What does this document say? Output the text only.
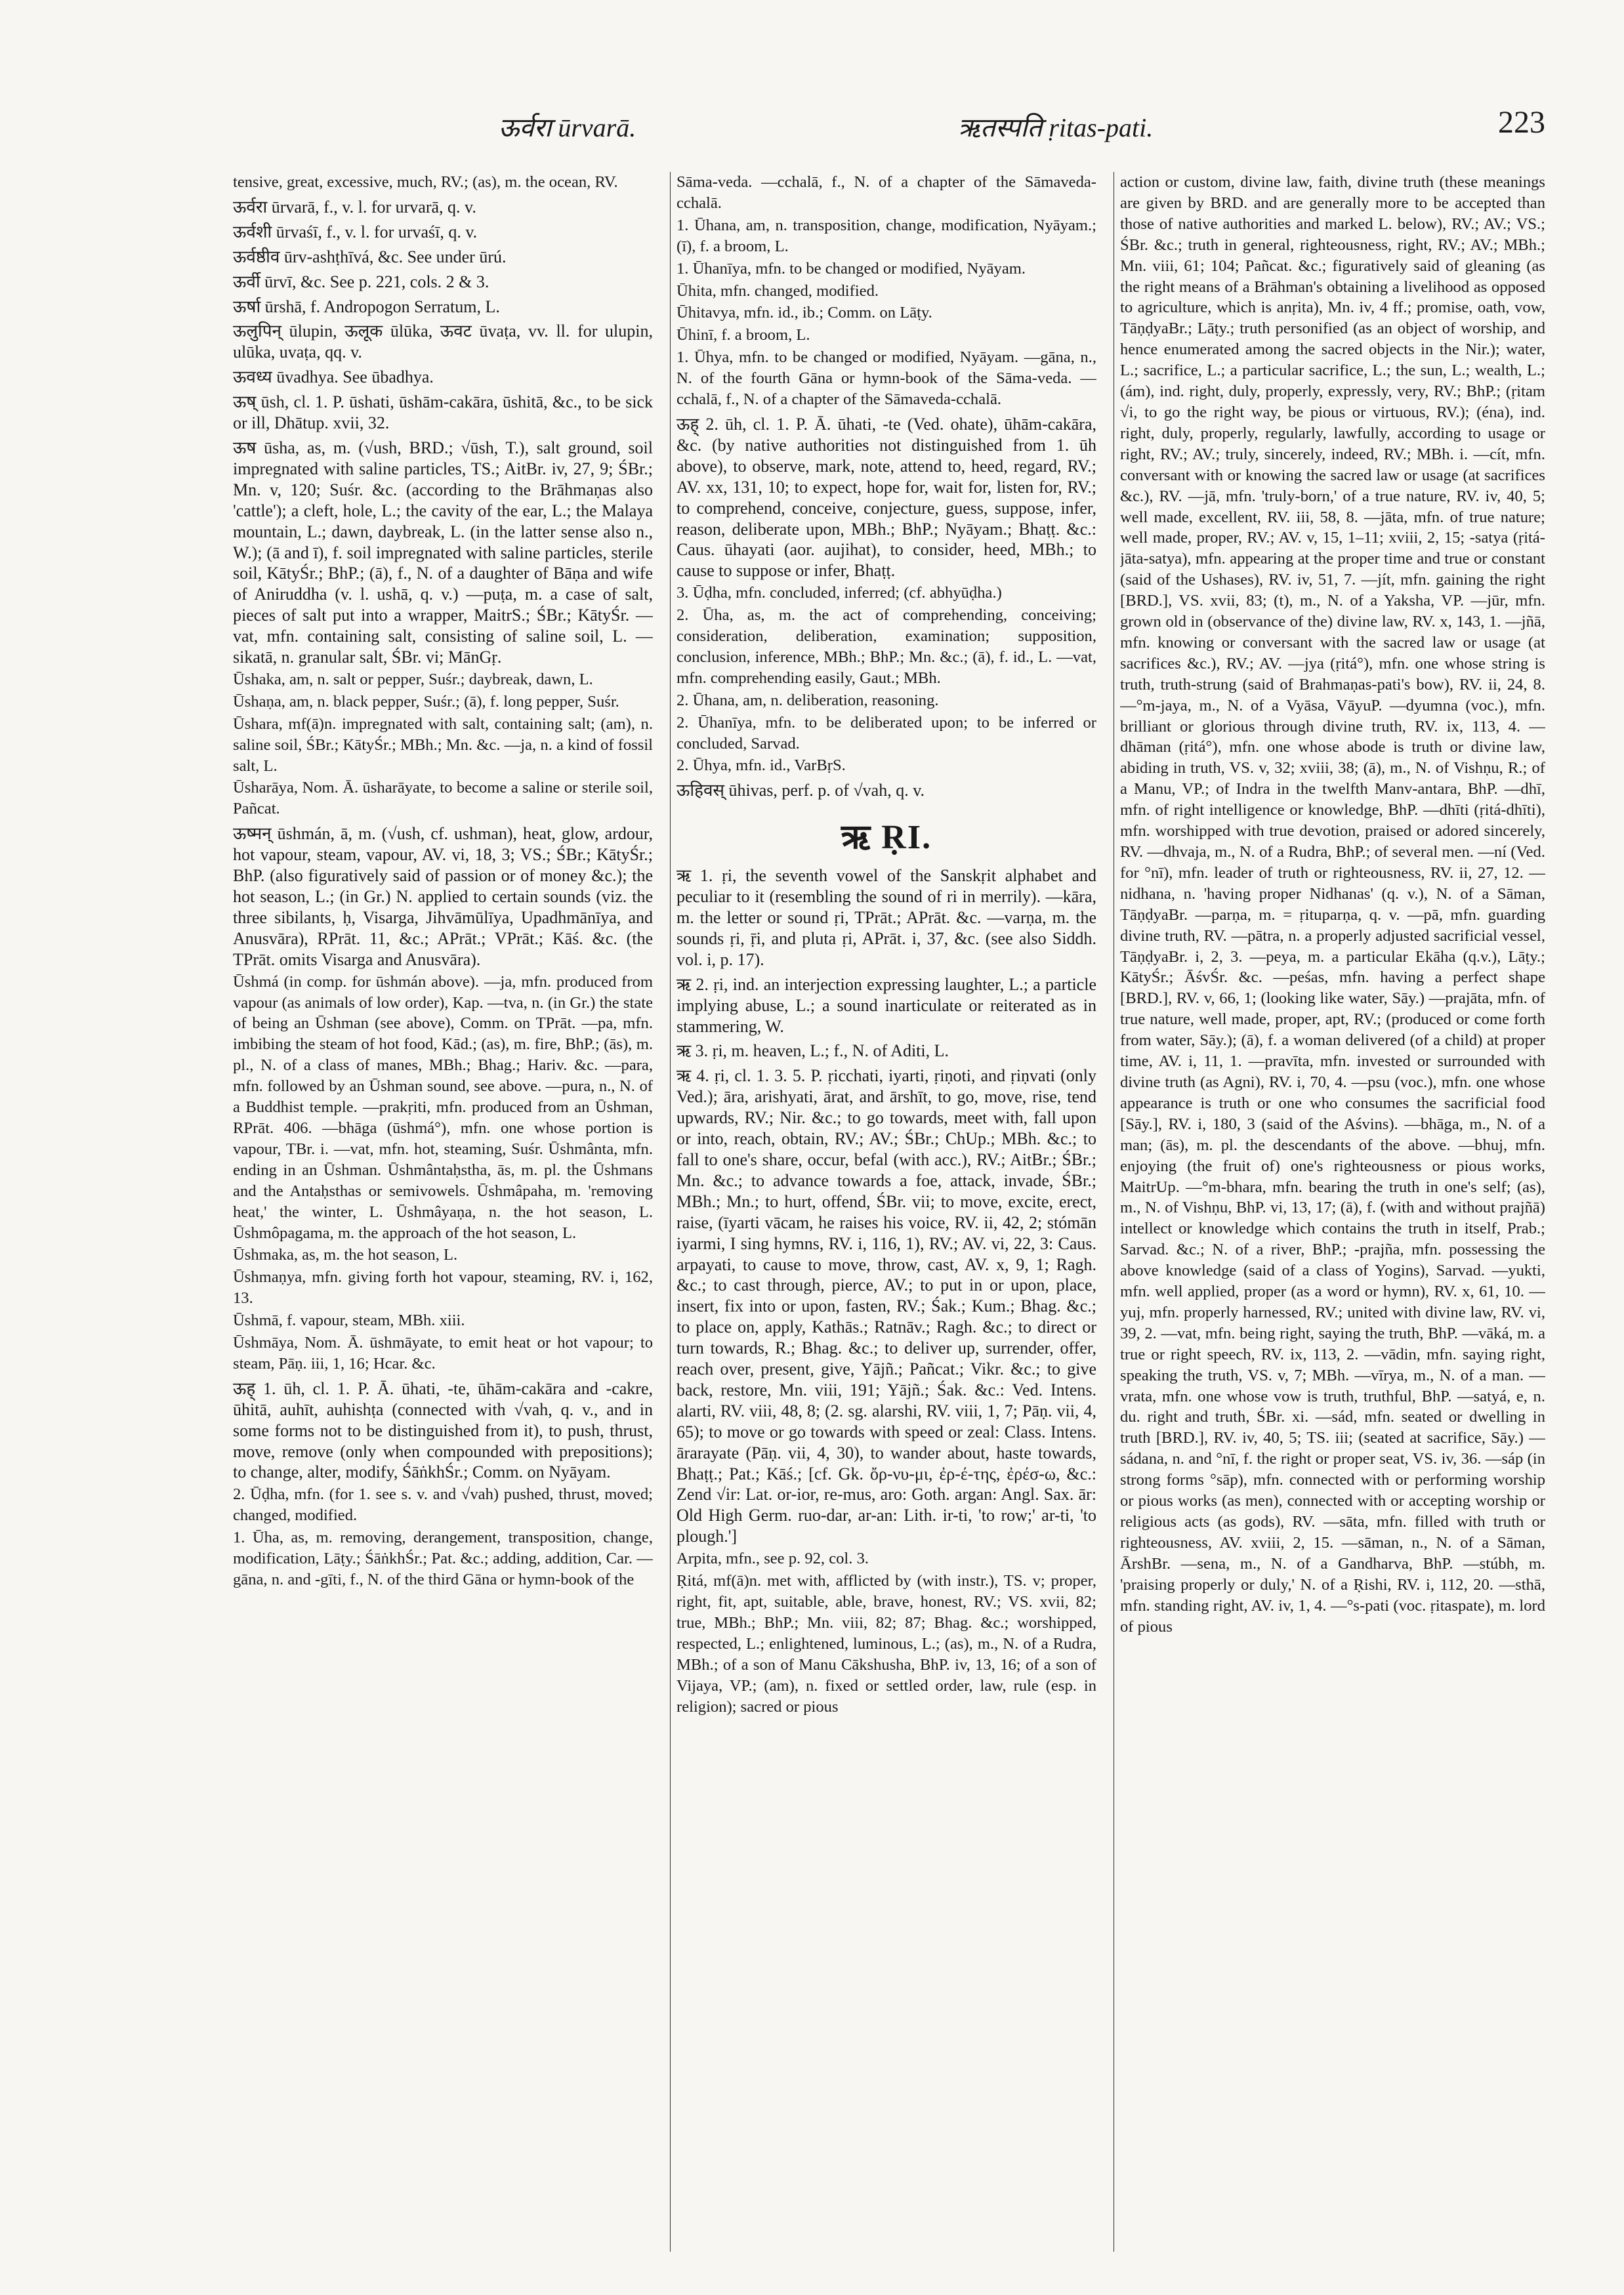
ऊर्वरा ūrvarā.	ऋतस्पति ṛitas-pati.	223

tensive, great, excessive, much, RV.; (as), m. the ocean, RV.

ऊर्वरा ūrvarā, f., v. l. for urvarā, q. v.

ऊर्वशी ūrvaśī, f., v. l. for urvaśī, q. v.

ऊर्वष्ठीव ūrv-ashṭhīvá, &c. See under ūrú.

ऊर्वी ūrvī, &c. See p. 221, cols. 2 & 3.

ऊर्षा ūrshā, f. Andropogon Serratum, L.

ऊलुपिन् ūlupin, ऊलूक ūlūka, ऊवट ūvaṭa, vv. ll. for ulupin, ulūka, uvaṭa, qq. v.

ऊवध्य ūvadhya. See ūbadhya.

ऊष् ūsh, cl. 1. P. ūshati, ūshām-cakāra, ūshitā, &c., to be sick or ill, Dhātup. xvii, 32.

ऊष ūsha, as, m. (√ush, BRD.; √ūsh, T.), salt ground, soil impregnated with saline particles, TS.; AitBr. iv, 27, 9; ŚBr.; Mn. v, 120; Suśr. &c. (according to the Brāhmaṇas also 'cattle'); a cleft, hole, L.; the cavity of the ear, L.; the Malaya mountain, L.; dawn, daybreak, L. (in the latter sense also n., W.); (ā and ī), f. soil impregnated with saline particles, sterile soil, KātyŚr.; BhP.; (ā), f., N. of a daughter of Bāṇa and wife of Aniruddha (v. l. ushā, q. v.) —puṭa, m. a case of salt, pieces of salt put into a wrapper, MaitrS.; ŚBr.; KātyŚr. —vat, mfn. containing salt, consisting of saline soil, L. —sikatā, n. granular salt, ŚBr. vi; MānGṛ.

Ūshaka, am, n. salt or pepper, Suśr.; daybreak, dawn, L.

Ūshaṇa, am, n. black pepper, Suśr.; (ā), f. long pepper, Suśr.

Ūshara, mf(ā)n. impregnated with salt, containing salt; (am), n. saline soil, ŚBr.; KātyŚr.; MBh.; Mn. &c. —ja, n. a kind of fossil salt, L.

Ūsharāya, Nom. Ā. ūsharāyate, to become a saline or sterile soil, Pañcat.

ऊष्मन् ūshmán, ā, m. (√ush, cf. ushman), heat, glow, ardour, hot vapour, steam, vapour, AV. vi, 18, 3; VS.; ŚBr.; KātyŚr.; BhP. (also figuratively said of passion or of money &c.); the hot season, L.; (in Gr.) N. applied to certain sounds (viz. the three sibilants, ḥ, Visarga, Jihvāmūlīya, Upadhmānīya, and Anusvāra), RPrāt. 11, &c.; APrāt.; VPrāt.; Kāś. &c. (the TPrāt. omits Visarga and Anusvāra).

Ūshmá (in comp. for ūshmán above). —ja, mfn. produced from vapour (as animals of low order), Kap. —tva, n. (in Gr.) the state of being an Ūshman (see above), Comm. on TPrāt. —pa, mfn. imbibing the steam of hot food, Kād.; (as), m. fire, BhP.; (ās), m. pl., N. of a class of manes, MBh.; Bhag.; Hariv. &c. —para, mfn. followed by an Ūshman sound, see above. —pura, n., N. of a Buddhist temple. —prakṛiti, mfn. produced from an Ūshman, RPrāt. 406. —bhāga (ūshmá°), mfn. one whose portion is vapour, TBr. i. —vat, mfn. hot, steaming, Suśr. Ūshmânta, mfn. ending in an Ūshman. Ūshmântaḥstha, ās, m. pl. the Ūshmans and the Antaḥsthas or semivowels. Ūshmâpaha, m. 'removing heat,' the winter, L. Ūshmâyaṇa, n. the hot season, L. Ūshmôpagama, m. the approach of the hot season, L.

Ūshmaka, as, m. the hot season, L.

Ūshmaṇya, mfn. giving forth hot vapour, steaming, RV. i, 162, 13.

Ūshmā, f. vapour, steam, MBh. xiii.

Ūshmāya, Nom. Ā. ūshmāyate, to emit heat or hot vapour; to steam, Pāṇ. iii, 1, 16; Hcar. &c.

ऊह् 1. ūh, cl. 1. P. Ā. ūhati, -te, ūhām-cakāra and -cakre, ūhitā, auhīt, auhishṭa (connected with √vah, q. v., and in some forms not to be distinguished from it), to push, thrust, move, remove (only when compounded with prepositions); to change, alter, modify, ŚāṅkhŚr.; Comm. on Nyāyam.

2. Ūḍha, mfn. (for 1. see s. v. and √vah) pushed, thrust, moved; changed, modified.

1. Ūha, as, m. removing, derangement, transposition, change, modification, Lāṭy.; ŚāṅkhŚr.; Pat. &c.; adding, addition, Car. —gāna, n. and -gīti, f., N. of the third Gāna or hymn-book of the

Sāma-veda. —cchalā, f., N. of a chapter of the Sāmaveda-cchalā.

1. Ūhana, am, n. transposition, change, modification, Nyāyam.; (ī), f. a broom, L.

1. Ūhanīya, mfn. to be changed or modified, Nyāyam.

Ūhita, mfn. changed, modified.

Ūhitavya, mfn. id., ib.; Comm. on Lāṭy.

Ūhinī, f. a broom, L.

1. Ūhya, mfn. to be changed or modified, Nyāyam. —gāna, n., N. of the fourth Gāna or hymn-book of the Sāma-veda. —cchalā, f., N. of a chapter of the Sāmaveda-cchalā.

ऊह् 2. ūh, cl. 1. P. Ā. ūhati, -te (Ved. ohate), ūhām-cakāra, &c. (by native authorities not distinguished from 1. ūh above), to observe, mark, note, attend to, heed, regard, RV.; AV. xx, 131, 10; to expect, hope for, wait for, listen for, RV.; to comprehend, conceive, conjecture, guess, suppose, infer, reason, deliberate upon, MBh.; BhP.; Nyāyam.; Bhaṭṭ. &c.: Caus. ūhayati (aor. aujihat), to consider, heed, MBh.; to cause to suppose or infer, Bhaṭṭ.

3. Ūḍha, mfn. concluded, inferred; (cf. abhyūḍha.)

2. Ūha, as, m. the act of comprehending, conceiving; consideration, deliberation, examination; supposition, conclusion, inference, MBh.; BhP.; Mn. &c.; (ā), f. id., L. —vat, mfn. comprehending easily, Gaut.; MBh.

2. Ūhana, am, n. deliberation, reasoning.

2. Ūhanīya, mfn. to be deliberated upon; to be inferred or concluded, Sarvad.

2. Ūhya, mfn. id., VarBṛS.

ऊहिवस् ūhivas, perf. p. of √vah, q. v.

ऋ ṚI.

ऋ 1. ṛi, the seventh vowel of the Sanskṛit alphabet and peculiar to it (resembling the sound of ri in merrily). —kāra, m. the letter or sound ṛi, TPrāt.; APrāt. &c. —varṇa, m. the sounds ṛi, ṝi, and pluta ṛi, APrāt. i, 37, &c. (see also Siddh. vol. i, p. 17).

ऋ 2. ṛi, ind. an interjection expressing laughter, L.; a particle implying abuse, L.; a sound inarticulate or reiterated as in stammering, W.

ऋ 3. ṛi, m. heaven, L.; f., N. of Aditi, L.

ऋ 4. ṛi, cl. 1. 3. 5. P. ṛicchati, iyarti, ṛiṇoti, and ṛiṇvati (only Ved.); āra, arishyati, ārat, and ārshīt, to go, move, rise, tend upwards, RV.; Nir. &c.; to go towards, meet with, fall upon or into, reach, obtain, RV.; AV.; ŚBr.; ChUp.; MBh. &c.; to fall to one's share, occur, befal (with acc.), RV.; AitBr.; ŚBr.; Mn. &c.; to advance towards a foe, attack, invade, ŚBr.; MBh.; Mn.; to hurt, offend, ŚBr. vii; to move, excite, erect, raise, (īyarti vācam, he raises his voice, RV. ii, 42, 2; stómān iyarmi, I sing hymns, RV. i, 116, 1), RV.; AV. vi, 22, 3: Caus. arpayati, to cause to move, throw, cast, AV. x, 9, 1; Ragh. &c.; to cast through, pierce, AV.; to put in or upon, place, insert, fix into or upon, fasten, RV.; Śak.; Kum.; Bhag. &c.; to place on, apply, Kathās.; Ratnāv.; Ragh. &c.; to direct or turn towards, R.; Bhag. &c.; to deliver up, surrender, offer, reach over, present, give, Yājñ.; Pañcat.; Vikr. &c.; to give back, restore, Mn. viii, 191; Yājñ.; Śak. &c.: Ved. Intens. alarti, RV. viii, 48, 8; (2. sg. alarshi, RV. viii, 1, 7; Pāṇ. vii, 4, 65); to move or go towards with speed or zeal: Class. Intens. ārarayate (Pāṇ. vii, 4, 30), to wander about, haste towards, Bhaṭṭ.; Pat.; Kāś.; [cf. Gk. ὄρ-νυ-μι, ἐρ-έ-της, ἐρέσ-ω, &c.: Zend √ir: Lat. or-ior, re-mus, aro: Goth. argan: Angl. Sax. ār: Old High Germ. ruo-dar, ar-an: Lith. ir-ti, 'to row;' ar-ti, 'to plough.']

Arpita, mfn., see p. 92, col. 3.

Ṛitá, mf(ā)n. met with, afflicted by (with instr.), TS. v; proper, right, fit, apt, suitable, able, brave, honest, RV.; VS. xvii, 82; true, MBh.; BhP.; Mn. viii, 82; 87; Bhag. &c.; worshipped, respected, L.; enlightened, luminous, L.; (as), m., N. of a Rudra, MBh.; of a son of Manu Cākshusha, BhP. iv, 13, 16; of a son of Vijaya, VP.; (am), n. fixed or settled order, law, rule (esp. in religion); sacred or pious

action or custom, divine law, faith, divine truth (these meanings are given by BRD. and are generally more to be accepted than those of native authorities and marked L. below), RV.; AV.; VS.; ŚBr. &c.; truth in general, righteousness, right, RV.; AV.; MBh.; Mn. viii, 61; 104; Pañcat. &c.; figuratively said of gleaning (as the right means of a Brāhman's obtaining a livelihood as opposed to agriculture, which is anṛita), Mn. iv, 4 ff.; promise, oath, vow, TāṇḍyaBr.; Lāṭy.; truth personified (as an object of worship, and hence enumerated among the sacred objects in the Nir.); water, L.; sacrifice, L.; a particular sacrifice, L.; the sun, L.; wealth, L.; (ám), ind. right, duly, properly, expressly, very, RV.; BhP.; (ṛitam √i, to go the right way, be pious or virtuous, RV.); (éna), ind. right, duly, properly, regularly, lawfully, according to usage or right, RV.; AV.; truly, sincerely, indeed, RV.; MBh. i. —cít, mfn. conversant with or knowing the sacred law or usage (at sacrifices &c.), RV. —jā, mfn. 'truly-born,' of a true nature, RV. iv, 40, 5; well made, excellent, RV. iii, 58, 8. —jāta, mfn. of true nature; well made, proper, RV.; AV. v, 15, 1–11; xviii, 2, 15; -satya (ṛitá-jāta-satya), mfn. appearing at the proper time and true or constant (said of the Ushases), RV. iv, 51, 7. —jít, mfn. gaining the right [BRD.], VS. xvii, 83; (t), m., N. of a Yaksha, VP. —jūr, mfn. grown old in (observance of the) divine law, RV. x, 143, 1. —jñā, mfn. knowing or conversant with the sacred law or usage (at sacrifices &c.), RV.; AV. —jya (ṛitá°), mfn. one whose string is truth, truth-strung (said of Brahmaṇas-pati's bow), RV. ii, 24, 8. —°m-jaya, m., N. of a Vyāsa, VāyuP. —dyumna (voc.), mfn. brilliant or glorious through divine truth, RV. ix, 113, 4. —dhāman (ṛitá°), mfn. one whose abode is truth or divine law, abiding in truth, VS. v, 32; xviii, 38; (ā), m., N. of Vishṇu, R.; of a Manu, VP.; of Indra in the twelfth Manv-antara, BhP. —dhī, mfn. of right intelligence or knowledge, BhP. —dhīti (ṛitá-dhīti), mfn. worshipped with true devotion, praised or adored sincerely, RV. —dhvaja, m., N. of a Rudra, BhP.; of several men. —ní (Ved. for °nī), mfn. leader of truth or righteousness, RV. ii, 27, 12. —nidhana, n. 'having proper Nidhanas' (q. v.), N. of a Sāman, TāṇḍyaBr. —parṇa, m. = ṛituparṇa, q. v. —pā, mfn. guarding divine truth, RV. —pātra, n. a properly adjusted sacrificial vessel, TāṇḍyaBr. i, 2, 3. —peya, m. a particular Ekāha (q.v.), Lāṭy.; KātyŚr.; ĀśvŚr. &c. —peśas, mfn. having a perfect shape [BRD.], RV. v, 66, 1; (looking like water, Sāy.) —prajāta, mfn. of true nature, well made, proper, apt, RV.; (produced or come forth from water, Sāy.); (ā), f. a woman delivered (of a child) at proper time, AV. i, 11, 1. —pravīta, mfn. invested or surrounded with divine truth (as Agni), RV. i, 70, 4. —psu (voc.), mfn. one whose appearance is truth or one who consumes the sacrificial food [Sāy.], RV. i, 180, 3 (said of the Aśvins). —bhāga, m., N. of a man; (ās), m. pl. the descendants of the above. —bhuj, mfn. enjoying (the fruit of) one's righteousness or pious works, MaitrUp. —°m-bhara, mfn. bearing the truth in one's self; (as), m., N. of Vishṇu, BhP. vi, 13, 17; (ā), f. (with and without prajñā) intellect or knowledge which contains the truth in itself, Prab.; Sarvad. &c.; N. of a river, BhP.; -prajña, mfn. possessing the above knowledge (said of a class of Yogins), Sarvad. —yukti, mfn. well applied, proper (as a word or hymn), RV. x, 61, 10. —yuj, mfn. properly harnessed, RV.; united with divine law, RV. vi, 39, 2. —vat, mfn. being right, saying the truth, BhP. —vāká, m. a true or right speech, RV. ix, 113, 2. —vādin, mfn. saying right, speaking the truth, VS. v, 7; MBh. —vīrya, m., N. of a man. —vrata, mfn. one whose vow is truth, truthful, BhP. —satyá, e, n. du. right and truth, ŚBr. xi. —sád, mfn. seated or dwelling in truth [BRD.], RV. iv, 40, 5; TS. iii; (seated at sacrifice, Sāy.) —sádana, n. and °nī, f. the right or proper seat, VS. iv, 36. —sáp (in strong forms °sāp), mfn. connected with or performing worship or pious works (as men), connected with or accepting worship or religious acts (as gods), RV. —sāta, mfn. filled with truth or righteousness, AV. xviii, 2, 15. —sāman, n., N. of a Sāman, ĀrshBr. —sena, m., N. of a Gandharva, BhP. —stúbh, m. 'praising properly or duly,' N. of a Ṛishi, RV. i, 112, 20. —sthā, mfn. standing right, AV. iv, 1, 4. —°s-pati (voc. ṛitaspate), m. lord of pious
